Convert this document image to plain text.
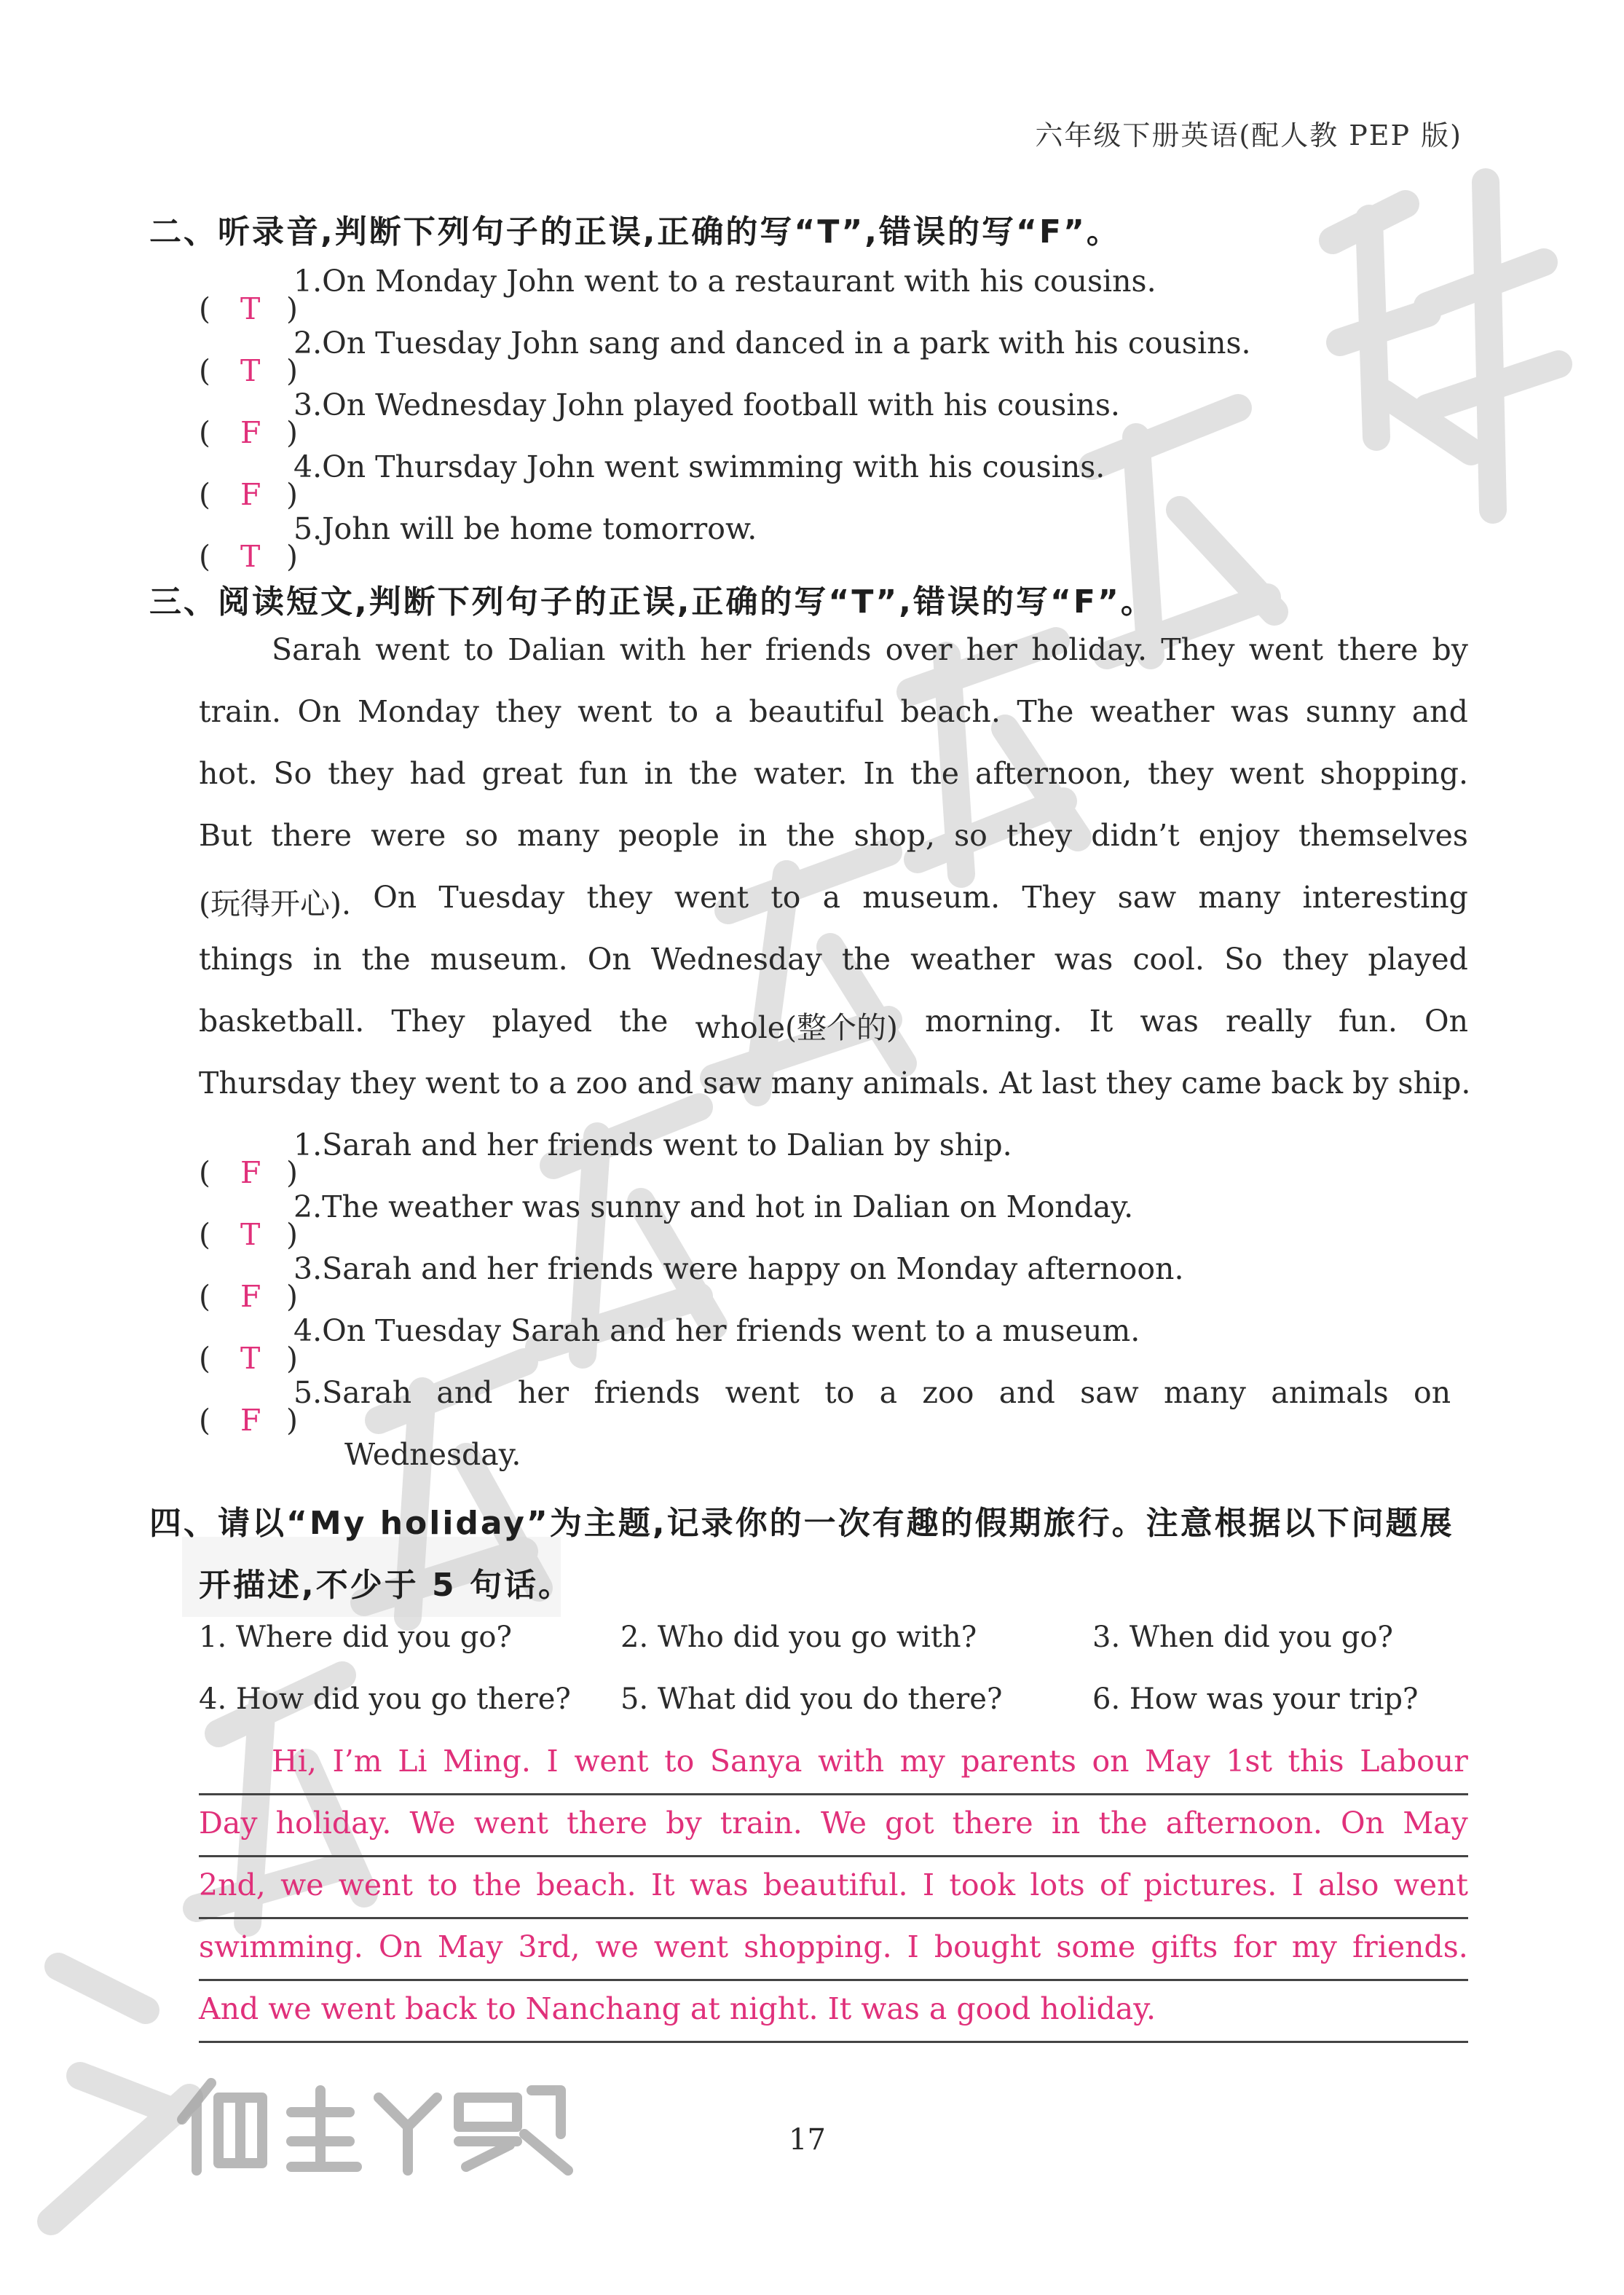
六年级下册英语(配人教 PEP 版)
二、听录音,判断下列句子的正误,正确的写“T”,错误的写“F”。
( T )
1. On Monday John went to a restaurant with his cousins.
( T )
2. On Tuesday John sang and danced in a park with his cousins.
( F )
3. On Wednesday John played football with his cousins.
( F )
4. On Thursday John went swimming with his cousins.
( T )
5. John will be home tomorrow.
三、阅读短文,判断下列句子的正误,正确的写“T”,错误的写“F”。
Sarah went to Dalian with her friends over her holiday. They went there by
train. On Monday they went to a beautiful beach. The weather was sunny and
hot. So they had great fun in the water. In the afternoon, they went shopping.
But there were so many people in the shop, so they didn’t enjoy themselves
(玩得开心). On Tuesday they went to a museum. They saw many interesting
things in the museum. On Wednesday the weather was cool. So they played
basketball. They played the whole(整个的) morning. It was really fun. On
Thursday they went to a zoo and saw many animals. At last they came back by ship.
( F )
1. Sarah and her friends went to Dalian by ship.
( T )
2. The weather was sunny and hot in Dalian on Monday.
( F )
3. Sarah and her friends were happy on Monday afternoon.
( T )
4. On Tuesday Sarah and her friends went to a museum.
( F )
5. Sarah and her friends went to a zoo and saw many animals on
Wednesday.
四、请以“My holiday”为主题,记录你的一次有趣的假期旅行。注意根据以下问题展
开描述,不少于 5 句话。
1. Where did you go?	2. Who did you go with?	3. When did you go?
4. How did you go there? 5. What did you do there?	6. How was your trip?
Hi, I’m Li Ming. I went to Sanya with my parents on May 1st this Labour
Day holiday. We went there by train. We got there in the afternoon. On May
2nd, we went to the beach. It was beautiful. I took lots of pictures. I also went
swimming. On May 3rd, we went shopping. I bought some gifts for my friends.
And we went back to Nanchang at night. It was a good holiday.
17
